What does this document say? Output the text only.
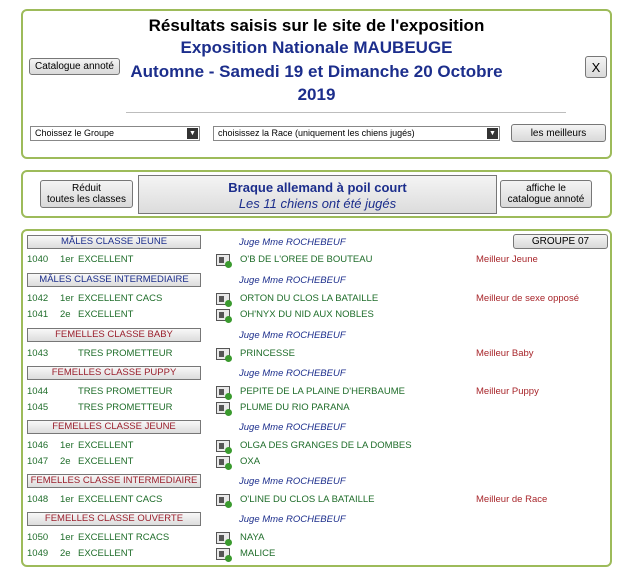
Résultats saisis sur le site de l'exposition
Exposition Nationale MAUBEUGE
Automne - Samedi 19 et Dimanche 20 Octobre
2019
Catalogue annoté	X
Choissez le Groupe	▼	choisissez la Race (uniquement les chiens jugés)	▼	les meilleurs
Réduit
toutes les classes
Braque allemand à poil court
Les 11 chiens ont été jugés
affiche le
catalogue annoté
GROUPE 07
MÂLES CLASSE JEUNE	Juge Mme ROCHEBEUF
1040 1er EXCELLENT	O'B DE L'OREE DE BOUTEAU	Meilleur Jeune
MÂLES CLASSE INTERMEDIAIRE	Juge Mme ROCHEBEUF
1042 1er EXCELLENT CACS	ORTON DU CLOS LA BATAILLE	Meilleur de sexe opposé
1041 2e EXCELLENT	OH'NYX DU NID AUX NOBLES
FEMELLES CLASSE BABY	Juge Mme ROCHEBEUF
1043	TRES PROMETTEUR	PRINCESSE	Meilleur Baby
FEMELLES CLASSE PUPPY	Juge Mme ROCHEBEUF
1044	TRES PROMETTEUR	PEPITE DE LA PLAINE D'HERBAUME	Meilleur Puppy
1045	TRES PROMETTEUR	PLUME DU RIO PARANA
FEMELLES CLASSE JEUNE	Juge Mme ROCHEBEUF
1046 1er EXCELLENT	OLGA DES GRANGES DE LA DOMBES
1047 2e EXCELLENT	OXA
FEMELLES CLASSE INTERMEDIAIRE	Juge Mme ROCHEBEUF
1048 1er EXCELLENT CACS	O'LINE DU CLOS LA BATAILLE	Meilleur de Race
FEMELLES CLASSE OUVERTE	Juge Mme ROCHEBEUF
1050 1er EXCELLENT RCACS	NAYA
1049 2e EXCELLENT	MALICE
